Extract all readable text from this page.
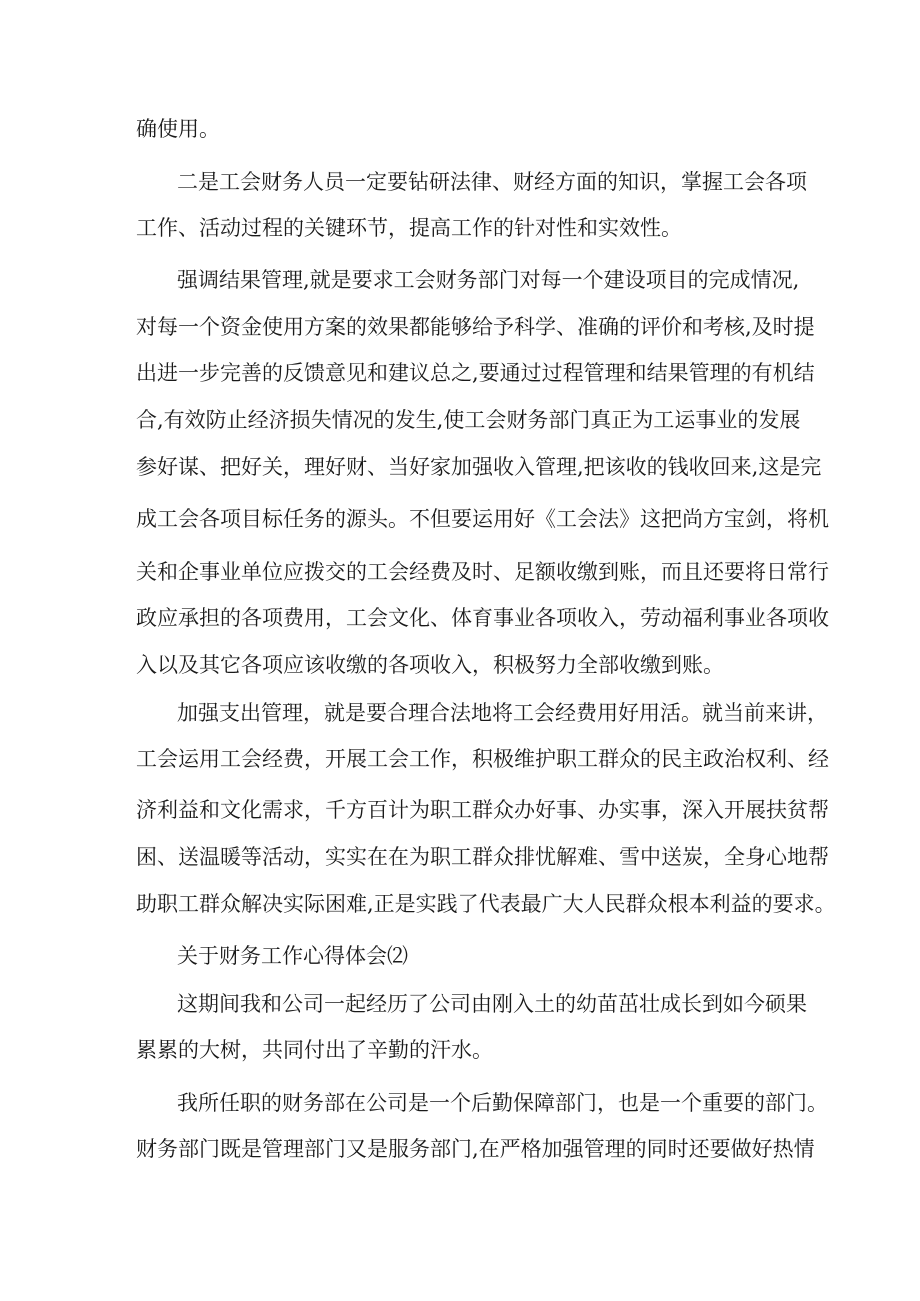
确使用。
二是工会财务人员一定要钻研法律、财经方面的知识，掌握工会各项
工作、活动过程的关键环节，提高工作的针对性和实效性。
强调结果管理,就是要求工会财务部门对每一个建设项目的完成情况,
对每一个资金使用方案的效果都能够给予科学、准确的评价和考核,及时提
出进一步完善的反馈意见和建议总之,要通过过程管理和结果管理的有机结
合,有效防止经济损失情况的发生,使工会财务部门真正为工运事业的发展
参好谋、把好关，理好财、当好家加强收入管理,把该收的钱收回来,这是完
成工会各项目标任务的源头。不但要运用好《工会法》这把尚方宝剑，将机
关和企事业单位应拨交的工会经费及时、足额收缴到账，而且还要将日常行
政应承担的各项费用，工会文化、体育事业各项收入，劳动福利事业各项收
入以及其它各项应该收缴的各项收入，积极努力全部收缴到账。
加强支出管理，就是要合理合法地将工会经费用好用活。就当前来讲，
工会运用工会经费，开展工会工作，积极维护职工群众的民主政治权利、经
济利益和文化需求，千方百计为职工群众办好事、办实事，深入开展扶贫帮
困、送温暖等活动，实实在在为职工群众排忧解难、雪中送炭，全身心地帮
助职工群众解决实际困难,正是实践了代表最广大人民群众根本利益的要求。
关于财务工作心得体会⑵
这期间我和公司一起经历了公司由刚入土的幼苗茁壮成长到如今硕果
累累的大树，共同付出了辛勤的汗水。
我所任职的财务部在公司是一个后勤保障部门，也是一个重要的部门。
财务部门既是管理部门又是服务部门,在严格加强管理的同时还要做好热情
